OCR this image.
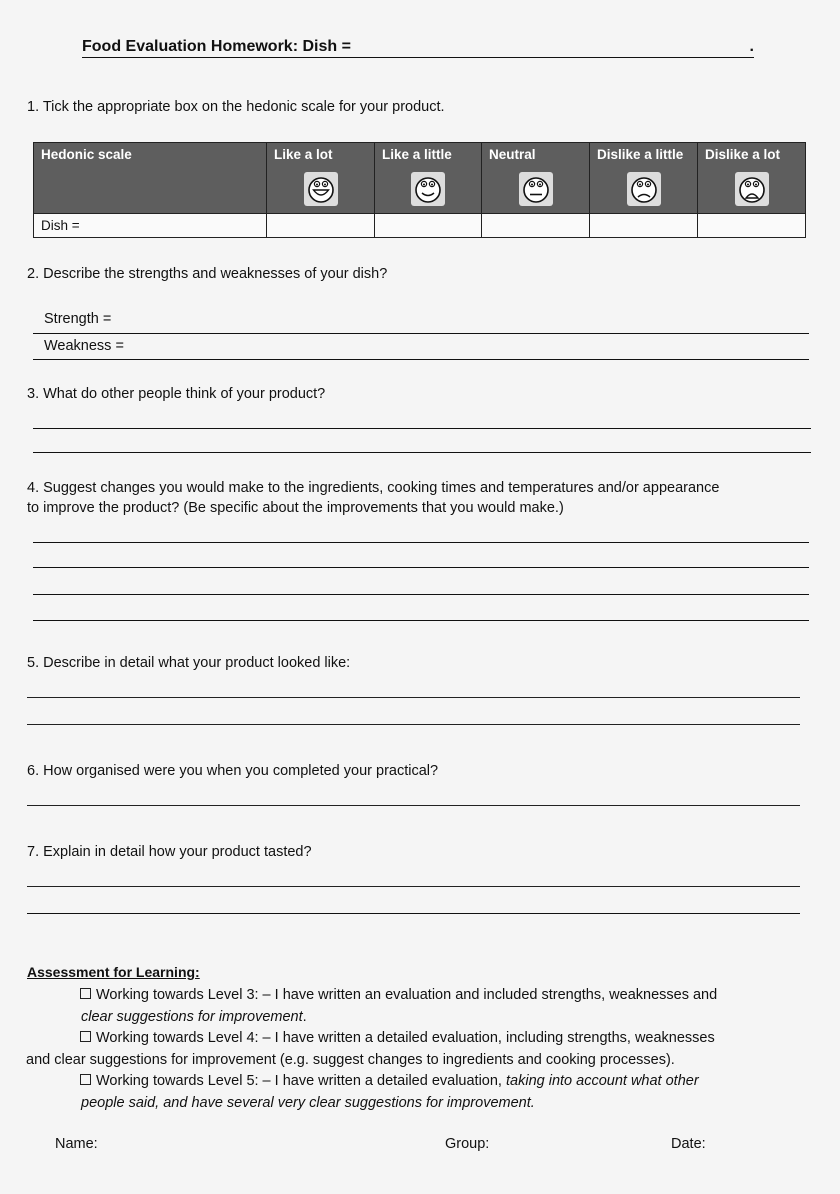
Food Evaluation Homework: Dish =	.
1. Tick the appropriate box on the hedonic scale for your product.
Hedonic scale	Like a lot	Like a little	Neutral	Dislike a little	Dislike a lot

Dish =					

2. Describe the strengths and weaknesses of your dish?
Strength =
Weakness =
3. What do other people think of your product?
4. Suggest changes you would make to the ingredients, cooking times and temperatures and/or appearance
to improve the product? (Be specific about the improvements that you would make.)
5. Describe in detail what your product looked like:
6. How organised were you when you completed your practical?
7. Explain in detail how your product tasted?
Assessment for Learning:

Working towards Level 3: – I have written an evaluation and included strengths, weaknesses and

clear suggestions for improvement.

Working towards Level 4: – I have written a detailed evaluation, including strengths, weaknesses

and clear suggestions for improvement (e.g. suggest changes to ingredients and cooking processes).

Working towards Level 5: – I have written a detailed evaluation, taking into account what other

people said, and have several very clear suggestions for improvement.

Name:	Group:	Date:
